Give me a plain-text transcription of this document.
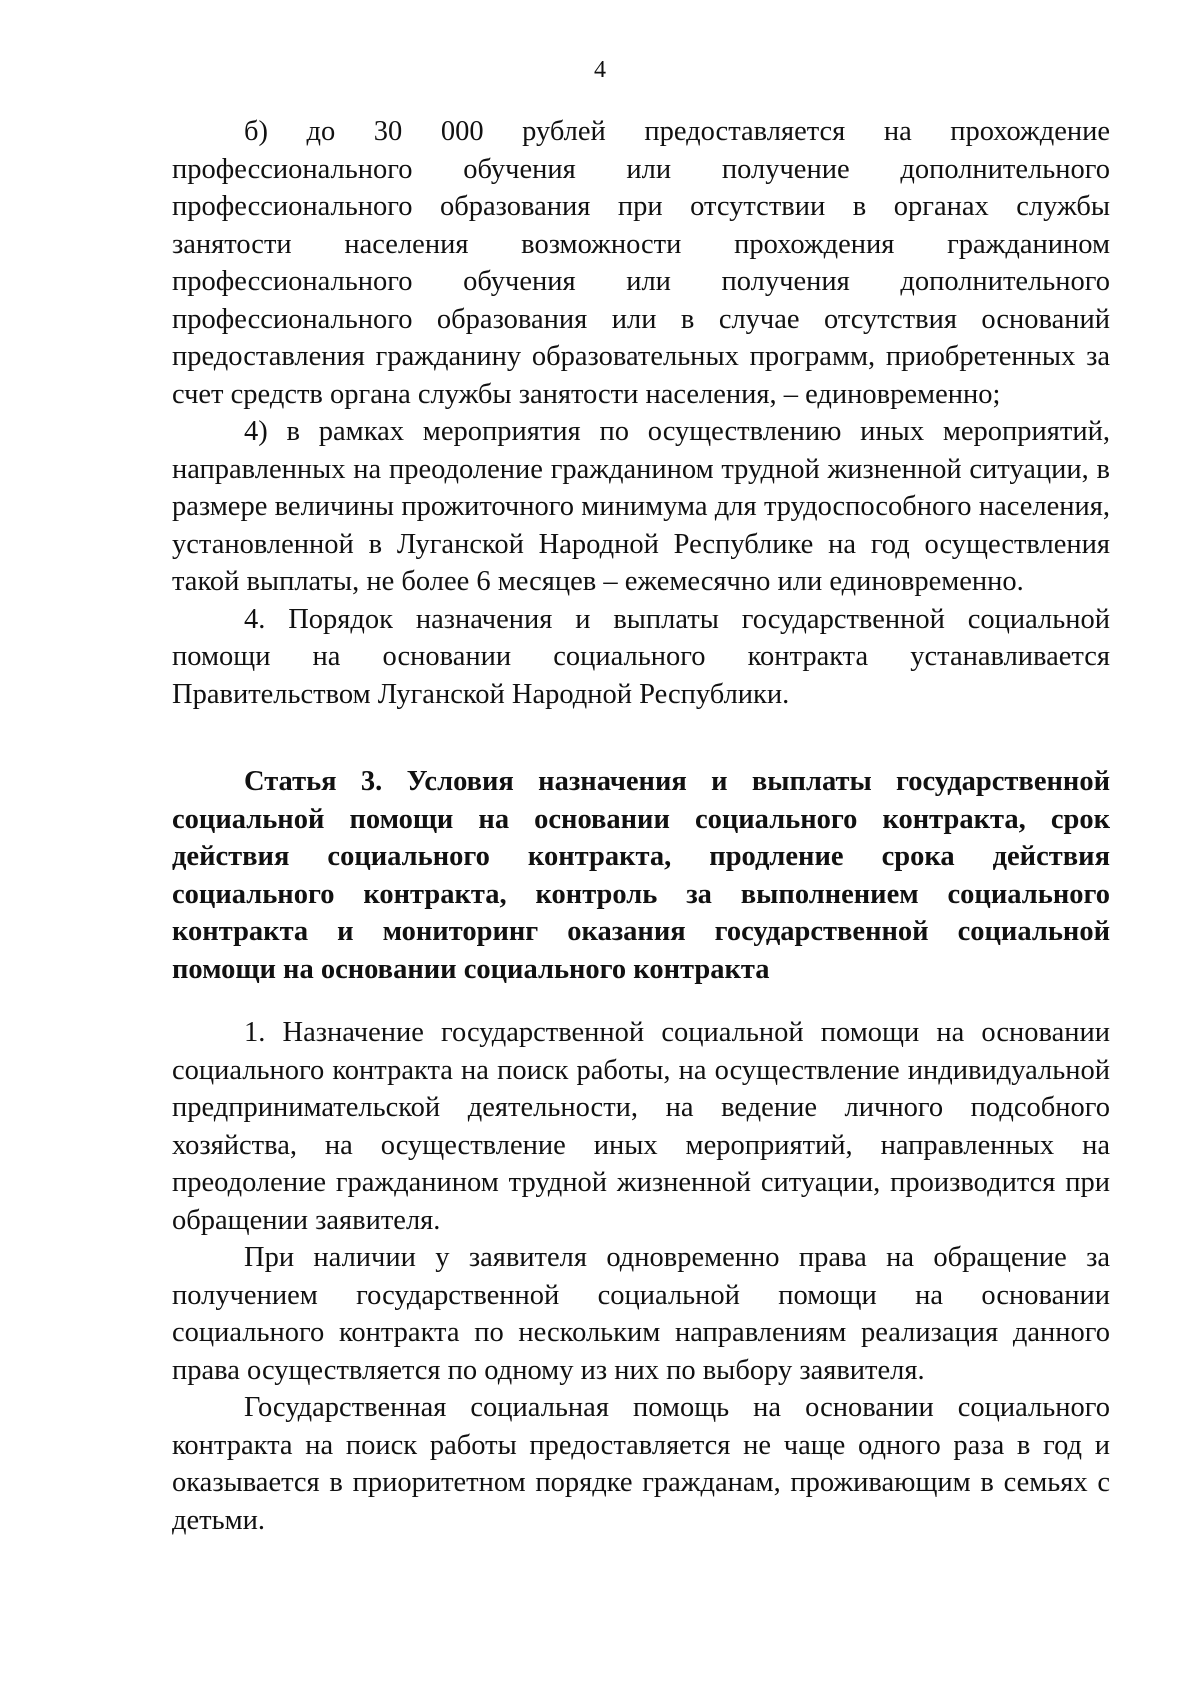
4

б) до 30 000 рублей предоставляется на прохождение профессионального обучения или получение дополнительного профессионального образования при отсутствии в органах службы занятости населения возможности прохождения гражданином профессионального обучения или получения дополнительного профессионального образования или в случае отсутствия оснований предоставления гражданину образовательных программ, приобретенных за счет средств органа службы занятости населения, – единовременно;

4) в рамках мероприятия по осуществлению иных мероприятий, направленных на преодоление гражданином трудной жизненной ситуации, в размере величины прожиточного минимума для трудоспособного населения, установленной в Луганской Народной Республике на год осуществления такой выплаты, не более 6 месяцев – ежемесячно или единовременно.

4. Порядок назначения и выплаты государственной социальной помощи на основании социального контракта устанавливается Правительством Луганской Народной Республики.

Статья 3. Условия назначения и выплаты государственной социальной помощи на основании социального контракта, срок действия социального контракта, продление срока действия социального контракта, контроль за выполнением социального контракта и мониторинг оказания государственной социальной помощи на основании социального контракта

1. Назначение государственной социальной помощи на основании социального контракта на поиск работы, на осуществление индивидуальной предпринимательской деятельности, на ведение личного подсобного хозяйства, на осуществление иных мероприятий, направленных на преодоление гражданином трудной жизненной ситуации, производится при обращении заявителя.

При наличии у заявителя одновременно права на обращение за получением государственной социальной помощи на основании социального контракта по нескольким направлениям реализация данного права осуществляется по одному из них по выбору заявителя.

Государственная социальная помощь на основании социального контракта на поиск работы предоставляется не чаще одного раза в год и оказывается в приоритетном порядке гражданам, проживающим в семьях с детьми.
